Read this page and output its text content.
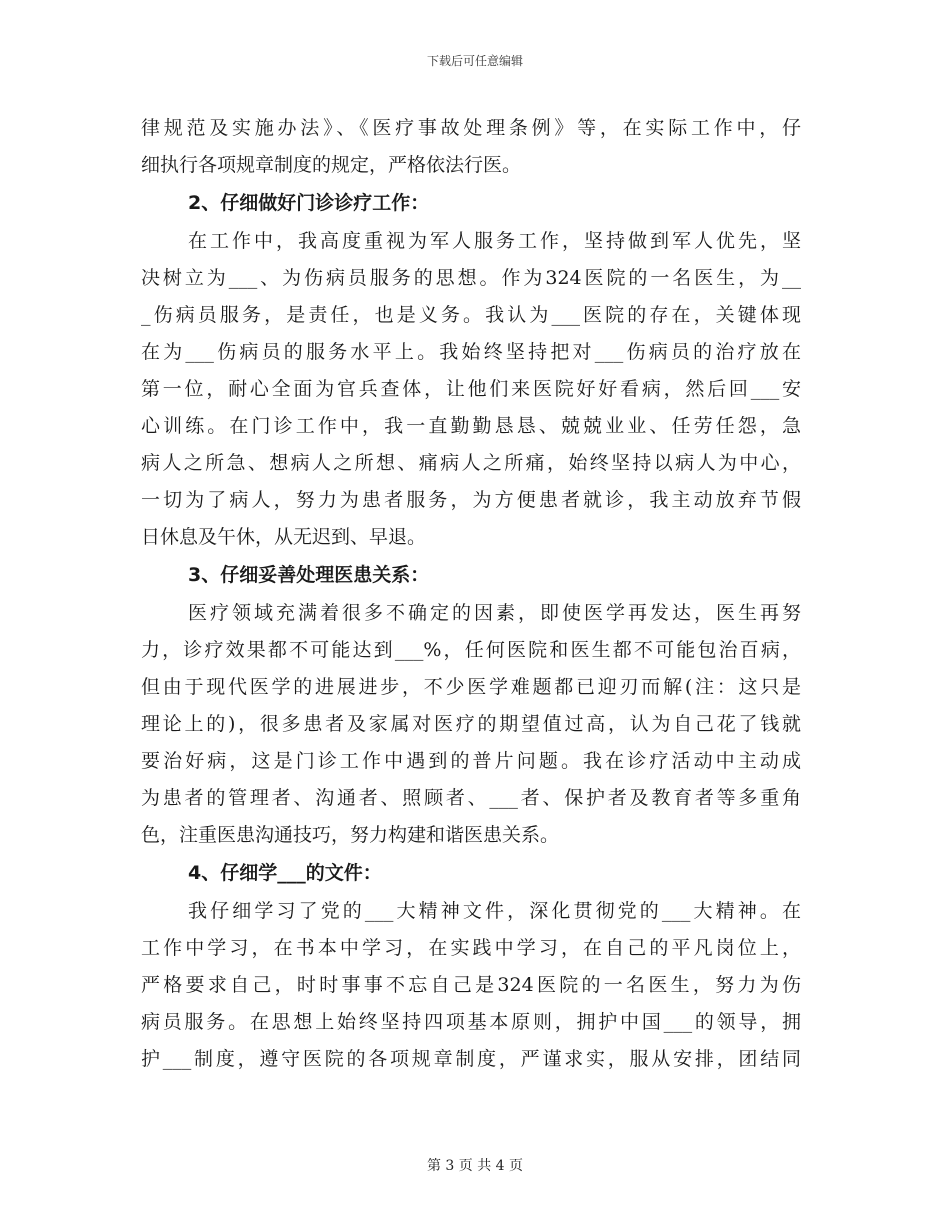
下载后可任意编辑
律规范及实施办法》、《医疗事故处理条例》等，在实际工作中，仔
细执行各项规章制度的规定，严格依法行医。
2、仔细做好门诊诊疗工作：
在工作中，我高度重视为军人服务工作，坚持做到军人优先，坚
决树立为___、为伤病员服务的思想。作为324医院的一名医生，为__
_伤病员服务，是责任，也是义务。我认为___医院的存在，关键体现
在为___伤病员的服务水平上。我始终坚持把对___伤病员的治疗放在
第一位，耐心全面为官兵查体，让他们来医院好好看病，然后回___安
心训练。在门诊工作中，我一直勤勤恳恳、兢兢业业、任劳任怨，急
病人之所急、想病人之所想、痛病人之所痛，始终坚持以病人为中心，
一切为了病人，努力为患者服务，为方便患者就诊，我主动放弃节假
日休息及午休，从无迟到、早退。
3、仔细妥善处理医患关系：
医疗领域充满着很多不确定的因素，即使医学再发达，医生再努
力，诊疗效果都不可能达到___%，任何医院和医生都不可能包治百病，
但由于现代医学的进展进步，不少医学难题都已迎刃而解(注：这只是
理论上的)，很多患者及家属对医疗的期望值过高，认为自己花了钱就
要治好病，这是门诊工作中遇到的普片问题。我在诊疗活动中主动成
为患者的管理者、沟通者、照顾者、___者、保护者及教育者等多重角
色，注重医患沟通技巧，努力构建和谐医患关系。
4、仔细学___的文件：
我仔细学习了党的___大精神文件，深化贯彻党的___大精神。在
工作中学习，在书本中学习，在实践中学习，在自己的平凡岗位上，
严格要求自己，时时事事不忘自己是324医院的一名医生，努力为伤
病员服务。在思想上始终坚持四项基本原则，拥护中国___的领导，拥
护___制度，遵守医院的各项规章制度，严谨求实，服从安排，团结同
第 3 页 共 4 页
